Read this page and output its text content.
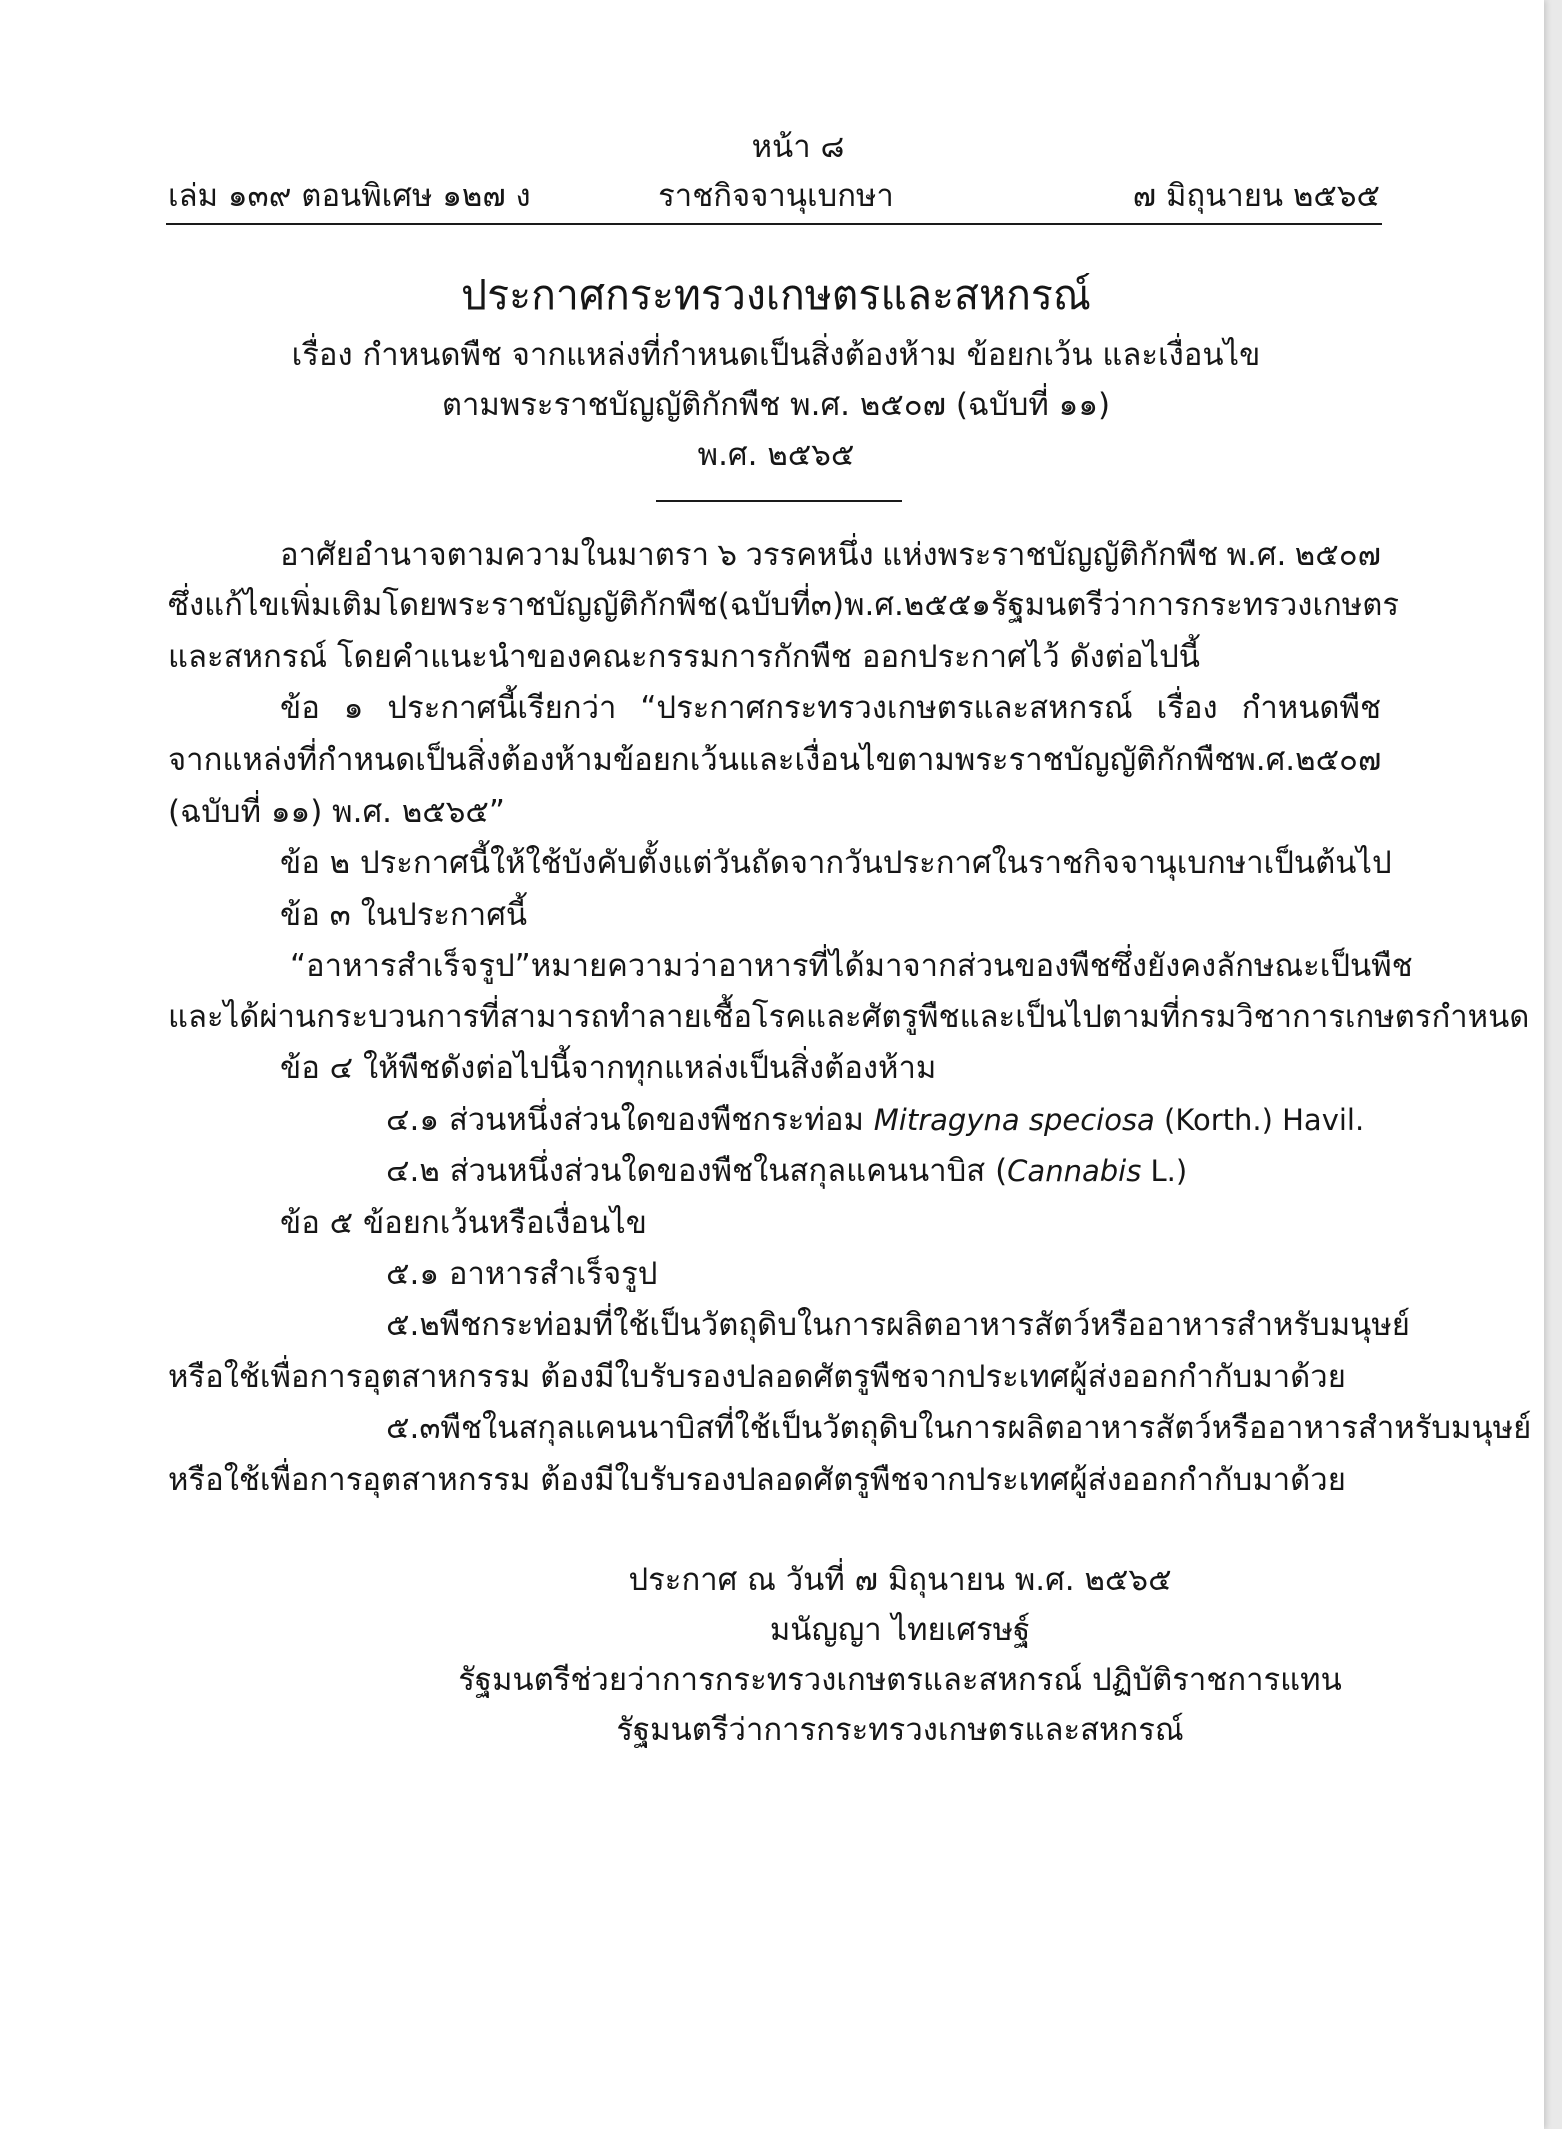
หน้า ๘
เล่ม ๑๓๙ ตอนพิเศษ ๑๒๗ ง	ราชกิจจานุเบกษา	๗ มิถุนายน ๒๕๖๕
ประกาศกระทรวงเกษตรและสหกรณ์
เรื่อง กำหนดพืช จากแหล่งที่กำหนดเป็นสิ่งต้องห้าม ข้อยกเว้น และเงื่อนไข
ตามพระราชบัญญัติกักพืช พ.ศ. ๒๕๐๗ (ฉบับที่ ๑๑)
พ.ศ. ๒๕๖๕
อาศัยอำนาจตามความในมาตรา ๖ วรรคหนึ่ง แห่งพระราชบัญญัติกักพืช พ.ศ. ๒๕๐๗
ซึ่งแก้ไขเพิ่มเติมโดยพระราชบัญญัติกักพืช (ฉบับที่ ๓) พ.ศ. ๒๕๕๑ รัฐมนตรีว่าการกระทรวงเกษตร
และสหกรณ์ โดยคำแนะนำของคณะกรรมการกักพืช ออกประกาศไว้ ดังต่อไปนี้
ข้อ ๑ ประกาศนี้เรียกว่า “ประกาศกระทรวงเกษตรและสหกรณ์ เรื่อง กำหนดพืช
จากแหล่งที่กำหนดเป็นสิ่งต้องห้าม ข้อยกเว้น และเงื่อนไขตามพระราชบัญญัติกักพืช พ.ศ. ๒๕๐๗
(ฉบับที่ ๑๑) พ.ศ. ๒๕๖๕”
ข้อ ๒ ประกาศนี้ให้ใช้บังคับตั้งแต่วันถัดจากวันประกาศในราชกิจจานุเบกษาเป็นต้นไป
ข้อ ๓ ในประกาศนี้
“อาหารสำเร็จรูป” หมายความว่า อาหารที่ได้มาจากส่วนของพืช ซึ่งยังคงลักษณะเป็นพืช
และได้ผ่านกระบวนการที่สามารถทำลายเชื้อโรคและศัตรูพืชและเป็นไปตามที่กรมวิชาการเกษตรกำหนด
ข้อ ๔ ให้พืชดังต่อไปนี้จากทุกแหล่งเป็นสิ่งต้องห้าม
๔.๑ ส่วนหนึ่งส่วนใดของพืชกระท่อม Mitragyna speciosa (Korth.) Havil.
๔.๒ ส่วนหนึ่งส่วนใดของพืชในสกุลแคนนาบิส (Cannabis L.)
ข้อ ๕ ข้อยกเว้นหรือเงื่อนไข
๕.๑ อาหารสำเร็จรูป
๕.๒ พืชกระท่อมที่ใช้เป็นวัตถุดิบในการผลิตอาหารสัตว์ หรืออาหารสำหรับมนุษย์
หรือใช้เพื่อการอุตสาหกรรม ต้องมีใบรับรองปลอดศัตรูพืชจากประเทศผู้ส่งออกกำกับมาด้วย
๕.๓ พืชในสกุลแคนนาบิสที่ใช้เป็นวัตถุดิบในการผลิตอาหารสัตว์ หรืออาหารสำหรับมนุษย์
หรือใช้เพื่อการอุตสาหกรรม ต้องมีใบรับรองปลอดศัตรูพืชจากประเทศผู้ส่งออกกำกับมาด้วย
ประกาศ ณ วันที่ ๗ มิถุนายน พ.ศ. ๒๕๖๕
มนัญญา ไทยเศรษฐ์
รัฐมนตรีช่วยว่าการกระทรวงเกษตรและสหกรณ์ ปฏิบัติราชการแทน
รัฐมนตรีว่าการกระทรวงเกษตรและสหกรณ์
